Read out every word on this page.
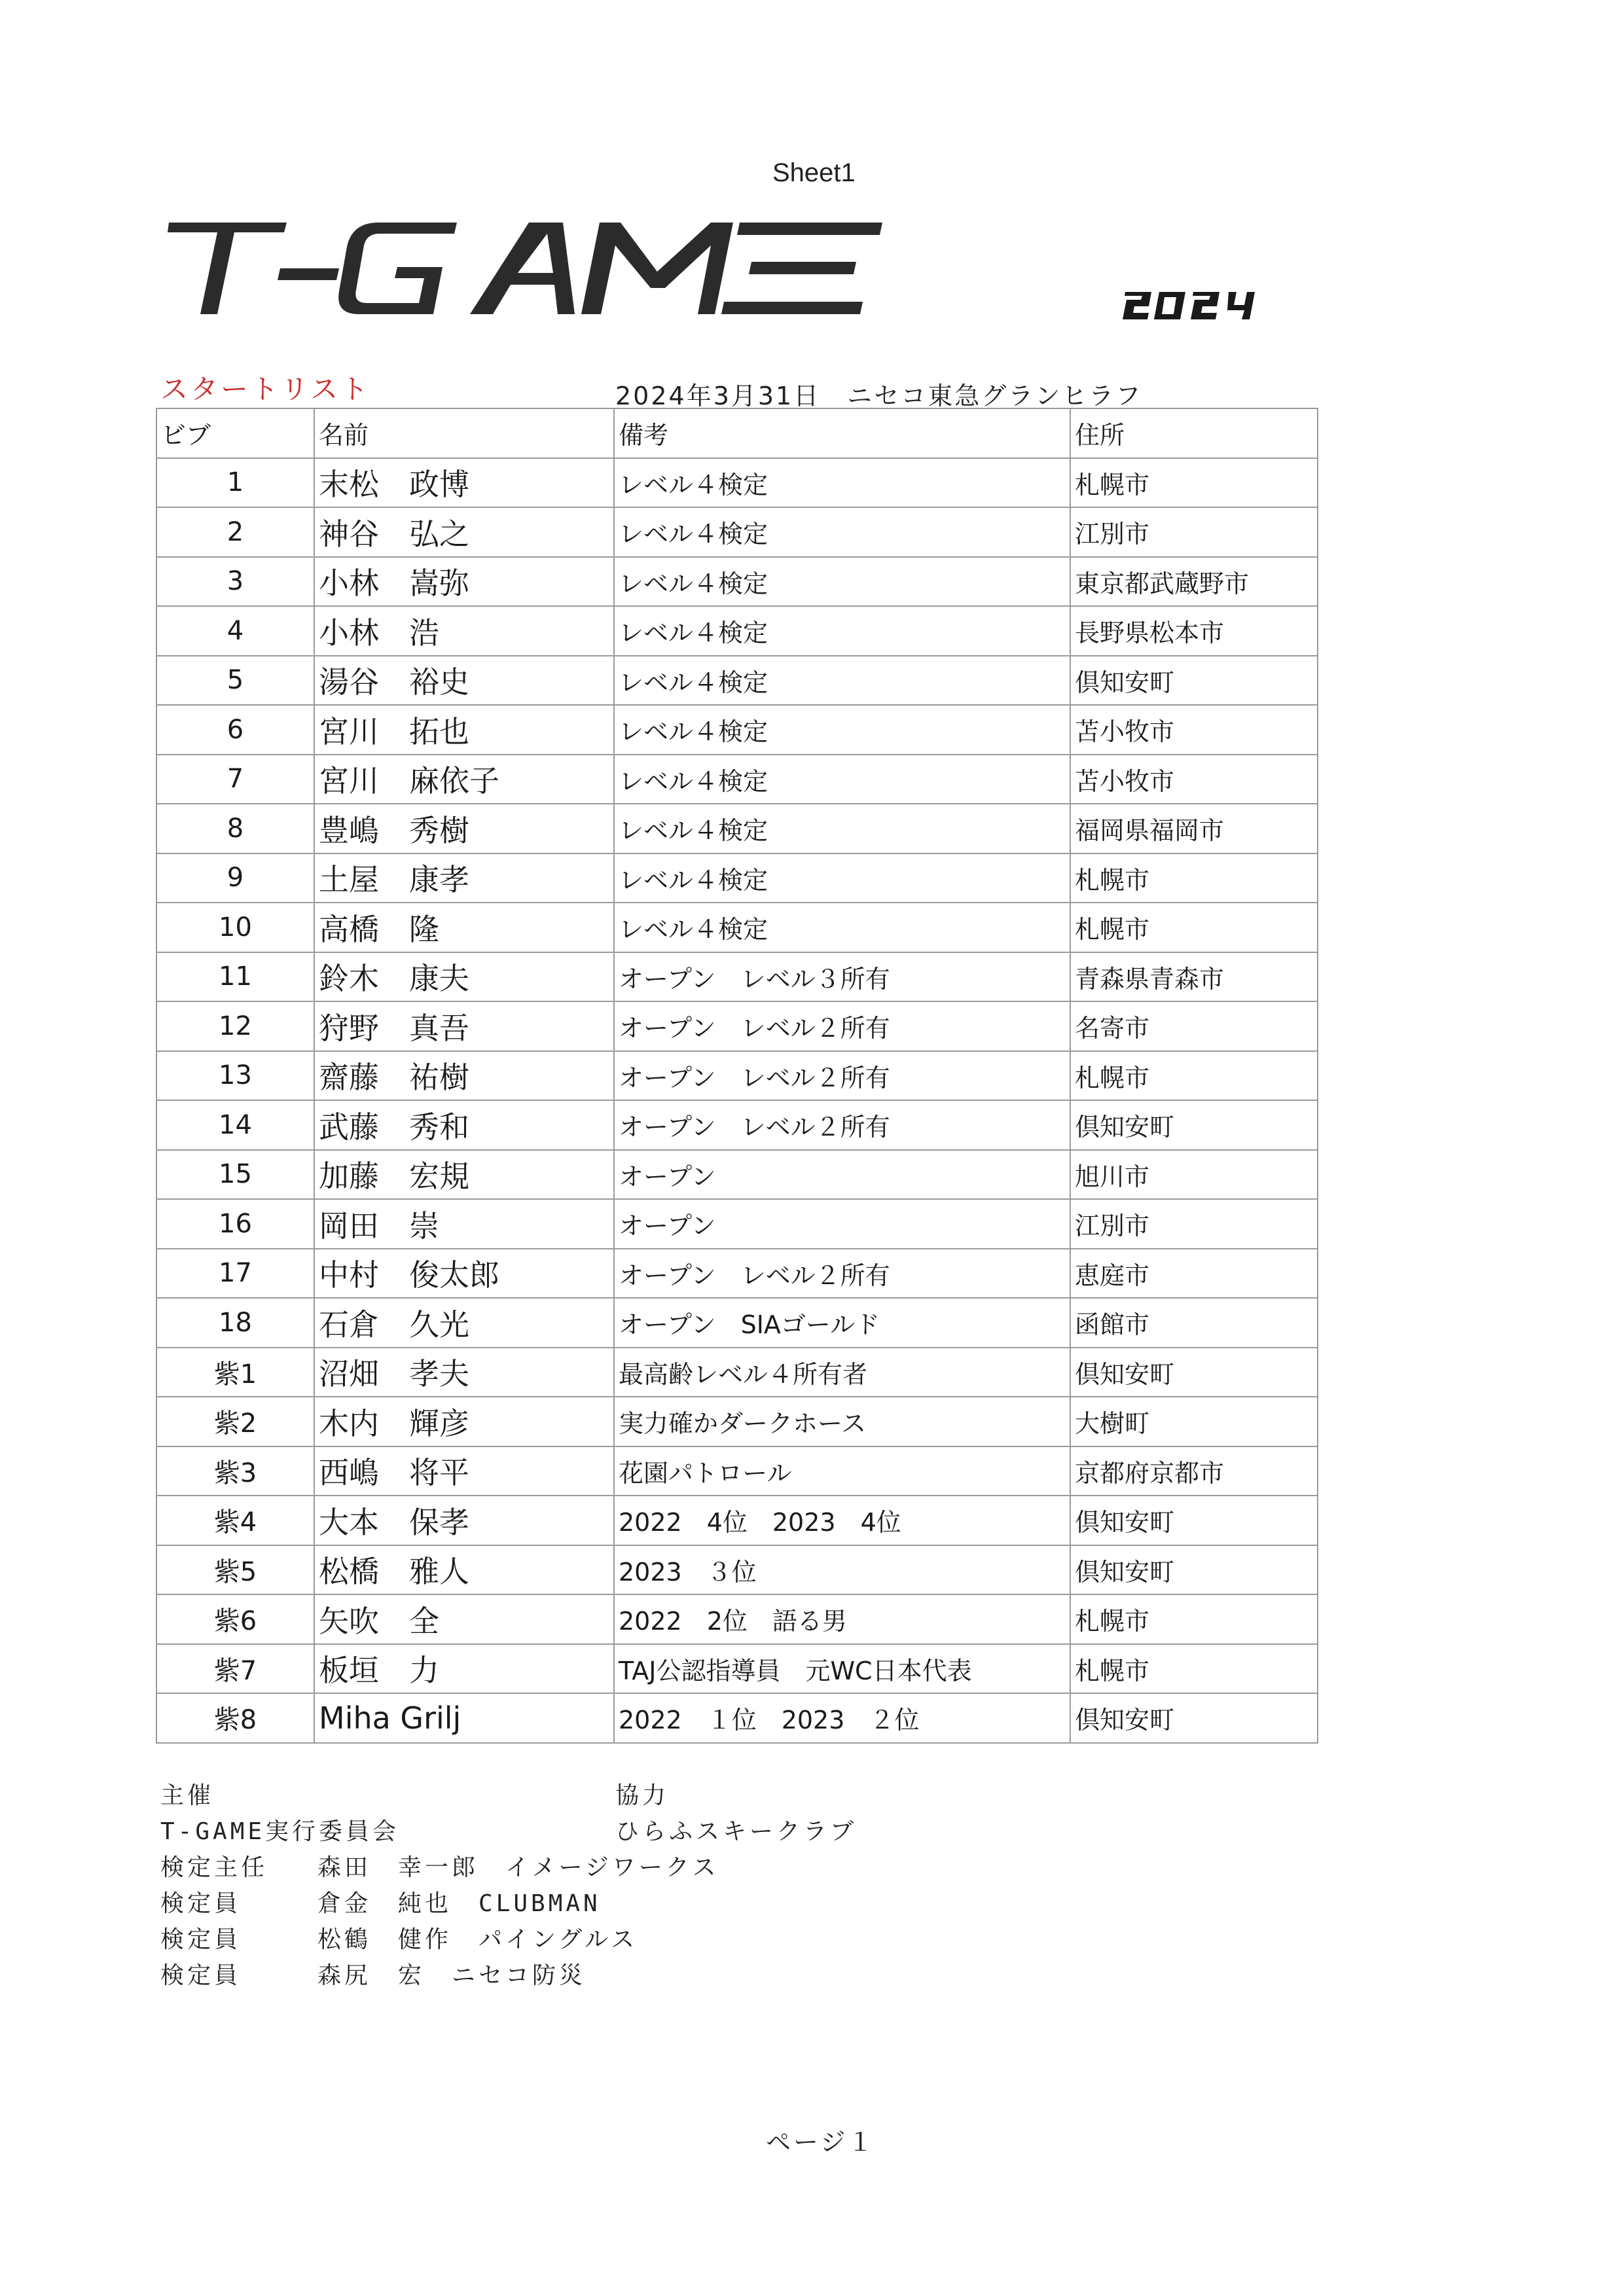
Sheet1
スタートリスト	2024年3月31日　ニセコ東急グランヒラフ
ビブ	名前	備考	住所
1	末松　政博	レベル４検定	札幌市
2	神谷　弘之	レベル４検定	江別市
3	小林　嵩弥	レベル４検定	東京都武蔵野市
4	小林　浩	レベル４検定	長野県松本市
5	湯谷　裕史	レベル４検定	倶知安町
6	宮川　拓也	レベル４検定	苫小牧市
7	宮川　麻依子	レベル４検定	苫小牧市
8	豊嶋　秀樹	レベル４検定	福岡県福岡市
9	土屋　康孝	レベル４検定	札幌市
10	高橋　隆	レベル４検定	札幌市
11	鈴木　康夫	オープン　レベル３所有	青森県青森市
12	狩野　真吾	オープン　レベル２所有	名寄市
13	齋藤　祐樹	オープン　レベル２所有	札幌市
14	武藤　秀和	オープン　レベル２所有	倶知安町
15	加藤　宏規	オープン	旭川市
16	岡田　崇	オープン	江別市
17	中村　俊太郎	オープン　レベル２所有	恵庭市
18	石倉　久光	オープン　SIAゴールド	函館市
紫1	沼畑　孝夫	最高齢レベル４所有者	倶知安町
紫2	木内　輝彦	実力確かダークホース	大樹町
紫3	西嶋　将平	花園パトロール	京都府京都市
紫4	大本　保孝	2022　4位　2023　4位	倶知安町
紫5	松橋　雅人	2023　３位	倶知安町
紫6	矢吹　全	2022　2位　語る男	札幌市
紫7	板垣　力	TAJ公認指導員　元WC日本代表	札幌市
紫8	Miha Grilj	2022　１位　2023　２位	倶知安町
主催
T-GAME実行委員会
協力
ひらふスキークラブ
検定主任 森田　幸一郎　イメージワークス
検定員	倉金　純也　CLUBMAN
検定員	松鶴　健作　パイングルス
検定員	森尻　宏　ニセコ防災
ページ１
